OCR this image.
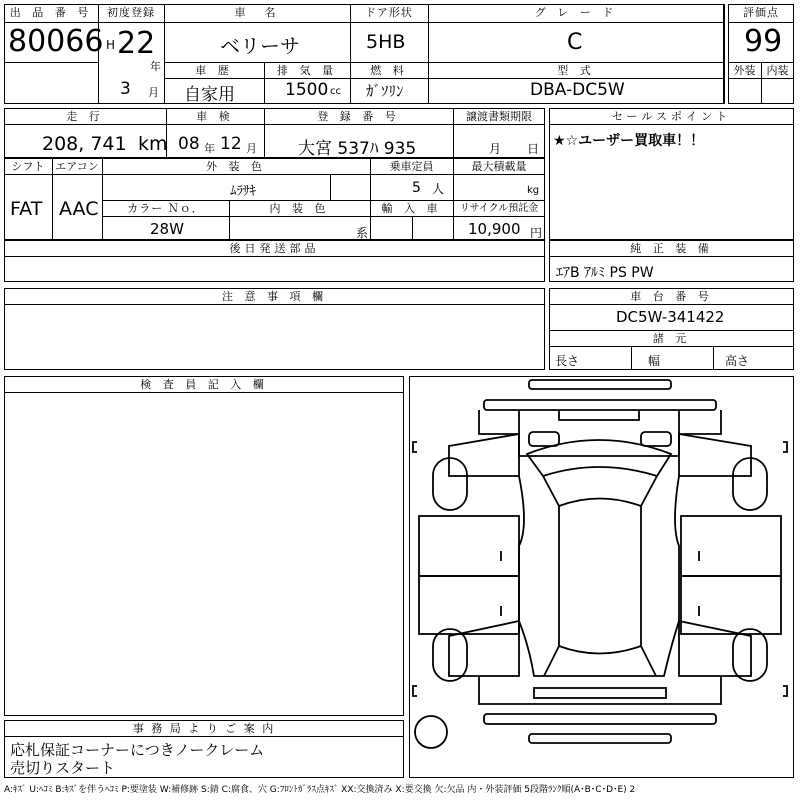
出 品 番 号
80066
初度登録
H 22
年
3 月
車　名
ベリーサ
ドア形状
5HB
グ レ ー ド
C
車 歴
自家用
排 気 量
1500 cc
燃 料
ｶﾞｿﾘﾝ
型 式
DBA-DC5W
評価点
99
外装	内装
走 行
208, 741 km
車 検
08 年 12 月
登 録 番 号
大宮 537ﾊ 935
譲渡書類期限
月 日
セールスポイント
★☆ユーザー買取車！！
シフト
FAT
エアコン
AAC
外 装 色
ﾑﾗｻｷ
乗車定員
5 人
最大積載量
kg
カラー Ｎｏ．
28W
内 装 色
系
輸 入 車	リサイクル預託金
10,900 円
後日発送部品	純 正 装 備
ｴｱB ｱﾙﾐ PS PW
注 意 事 項 欄	車 台 番 号
DC5W-341422
諸 元
長さ	幅	高さ
検 査 員 記 入 欄
事 務 局 よ り ご 案 内
応札保証コーナーにつきノークレーム
売切りスタート
A:ｷｽﾞ U:ﾍｺﾐ B:ｷｽﾞを伴うﾍｺﾐ P:要塗装 W:補修跡 S:錆 C:腐食、穴 G:ﾌﾛﾝﾄｶﾞﾗｽ点ｷｽﾞ XX:交換済み X:要交換 欠:欠品 内・外装評価 5段階ﾗﾝｸ順(A･B･C･D･E) 2
